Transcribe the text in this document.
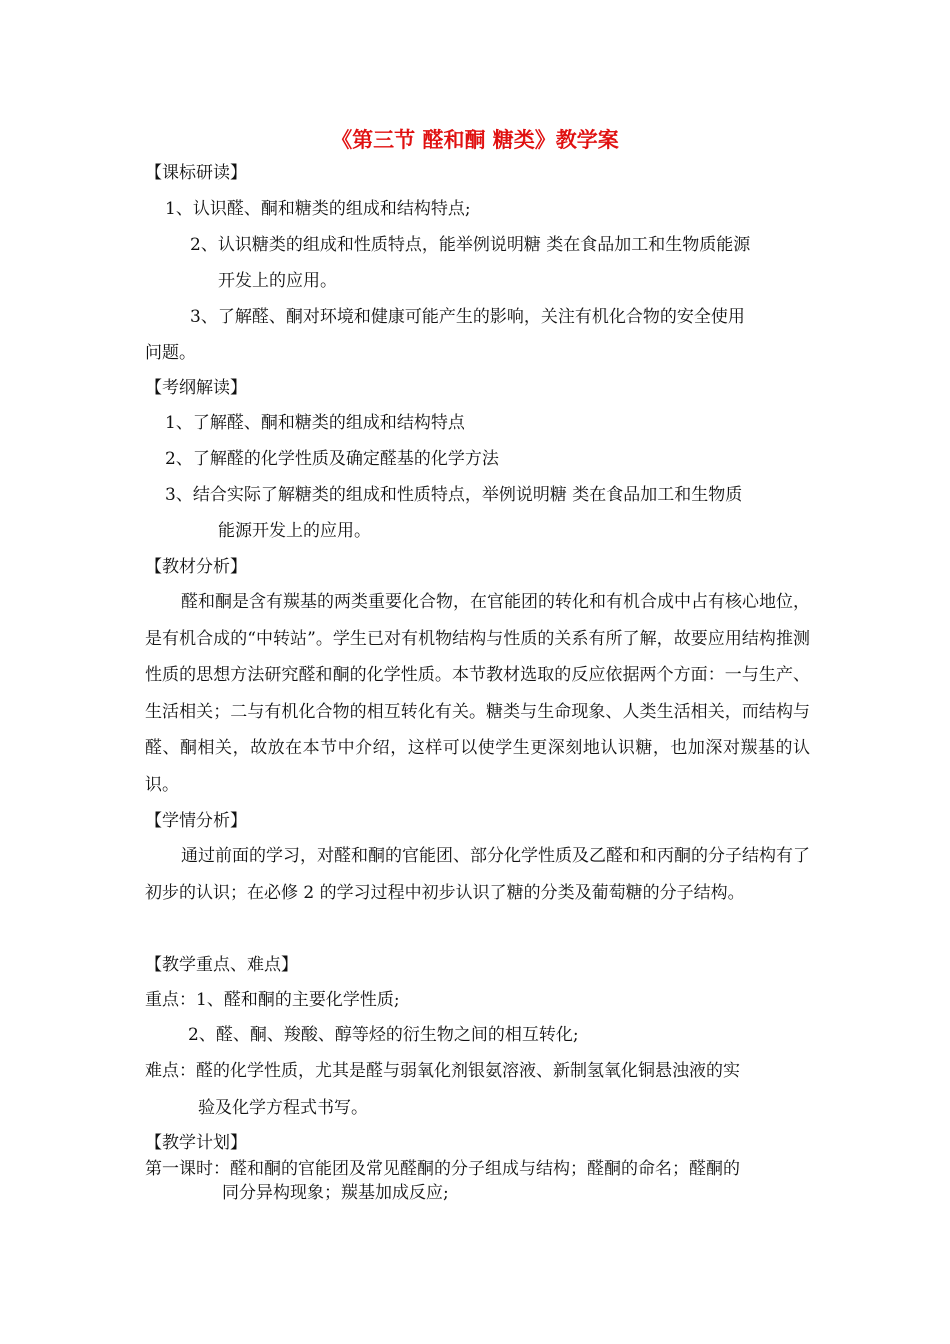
《第三节 醛和酮 糖类》教学案
【课标研读】
1、认识醛、酮和糖类的组成和结构特点;
2、认识糖类的组成和性质特点，能举例说明糖 类在食品加工和生物质能源
开发上的应用。
3、了解醛、酮对环境和健康可能产生的影响，关注有机化合物的安全使用
问题。
【考纲解读】
1、了解醛、酮和糖类的组成和结构特点
2、了解醛的化学性质及确定醛基的化学方法
3、结合实际了解糖类的组成和性质特点，举例说明糖 类在食品加工和生物质
能源开发上的应用。
【教材分析】
醛和酮是含有羰基的两类重要化合物，在官能团的转化和有机合成中占有核心地位，是有机合成的“中转站”。学生已对有机物结构与性质的关系有所了解，故要应用结构推测性质的思想方法研究醛和酮的化学性质。本节教材选取的反应依据两个方面：一与生产、生活相关；二与有机化合物的相互转化有关。糖类与生命现象、人类生活相关，而结构与醛、酮相关，故放在本节中介绍，这样可以使学生更深刻地认识糖，也加深对羰基的认识。
【学情分析】
通过前面的学习，对醛和酮的官能团、部分化学性质及乙醛和和丙酮的分子结构有了初步的认识；在必修 2 的学习过程中初步认识了糖的分类及葡萄糖的分子结构。
【教学重点、难点】
重点：1、醛和酮的主要化学性质;
2、醛、酮、羧酸、醇等烃的衍生物之间的相互转化;
难点：醛的化学性质，尤其是醛与弱氧化剂银氨溶液、新制氢氧化铜悬浊液的实
验及化学方程式书写。
【教学计划】
第一课时：醛和酮的官能团及常见醛酮的分子组成与结构；醛酮的命名；醛酮的
同分异构现象；羰基加成反应;
